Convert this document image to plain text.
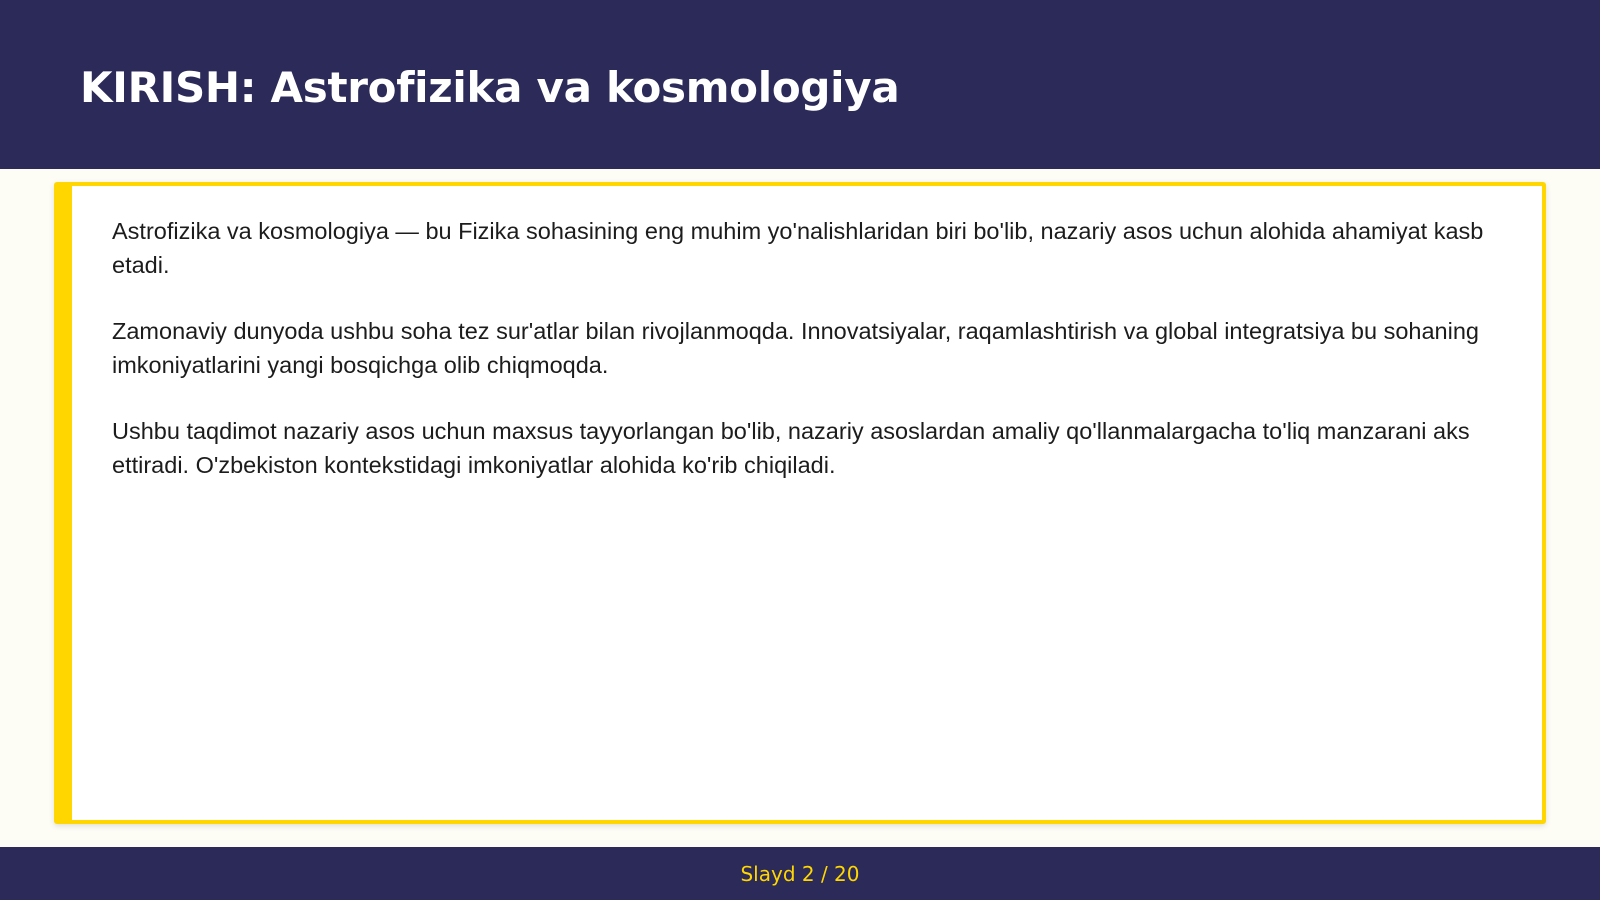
KIRISH: Astrofizika va kosmologiya

Astrofizika va kosmologiya — bu Fizika sohasining eng muhim yo'nalishlaridan biri bo'lib, nazariy asos uchun alohida ahamiyat kasb etadi.

Zamonaviy dunyoda ushbu soha tez sur'atlar bilan rivojlanmoqda. Innovatsiyalar, raqamlashtirish va global integratsiya bu sohaning imkoniyatlarini yangi bosqichga olib chiqmoqda.

Ushbu taqdimot nazariy asos uchun maxsus tayyorlangan bo'lib, nazariy asoslardan amaliy qo'llanmalargacha to'liq manzarani aks ettiradi. O'zbekiston kontekstidagi imkoniyatlar alohida ko'rib chiqiladi.

Slayd 2 / 20
